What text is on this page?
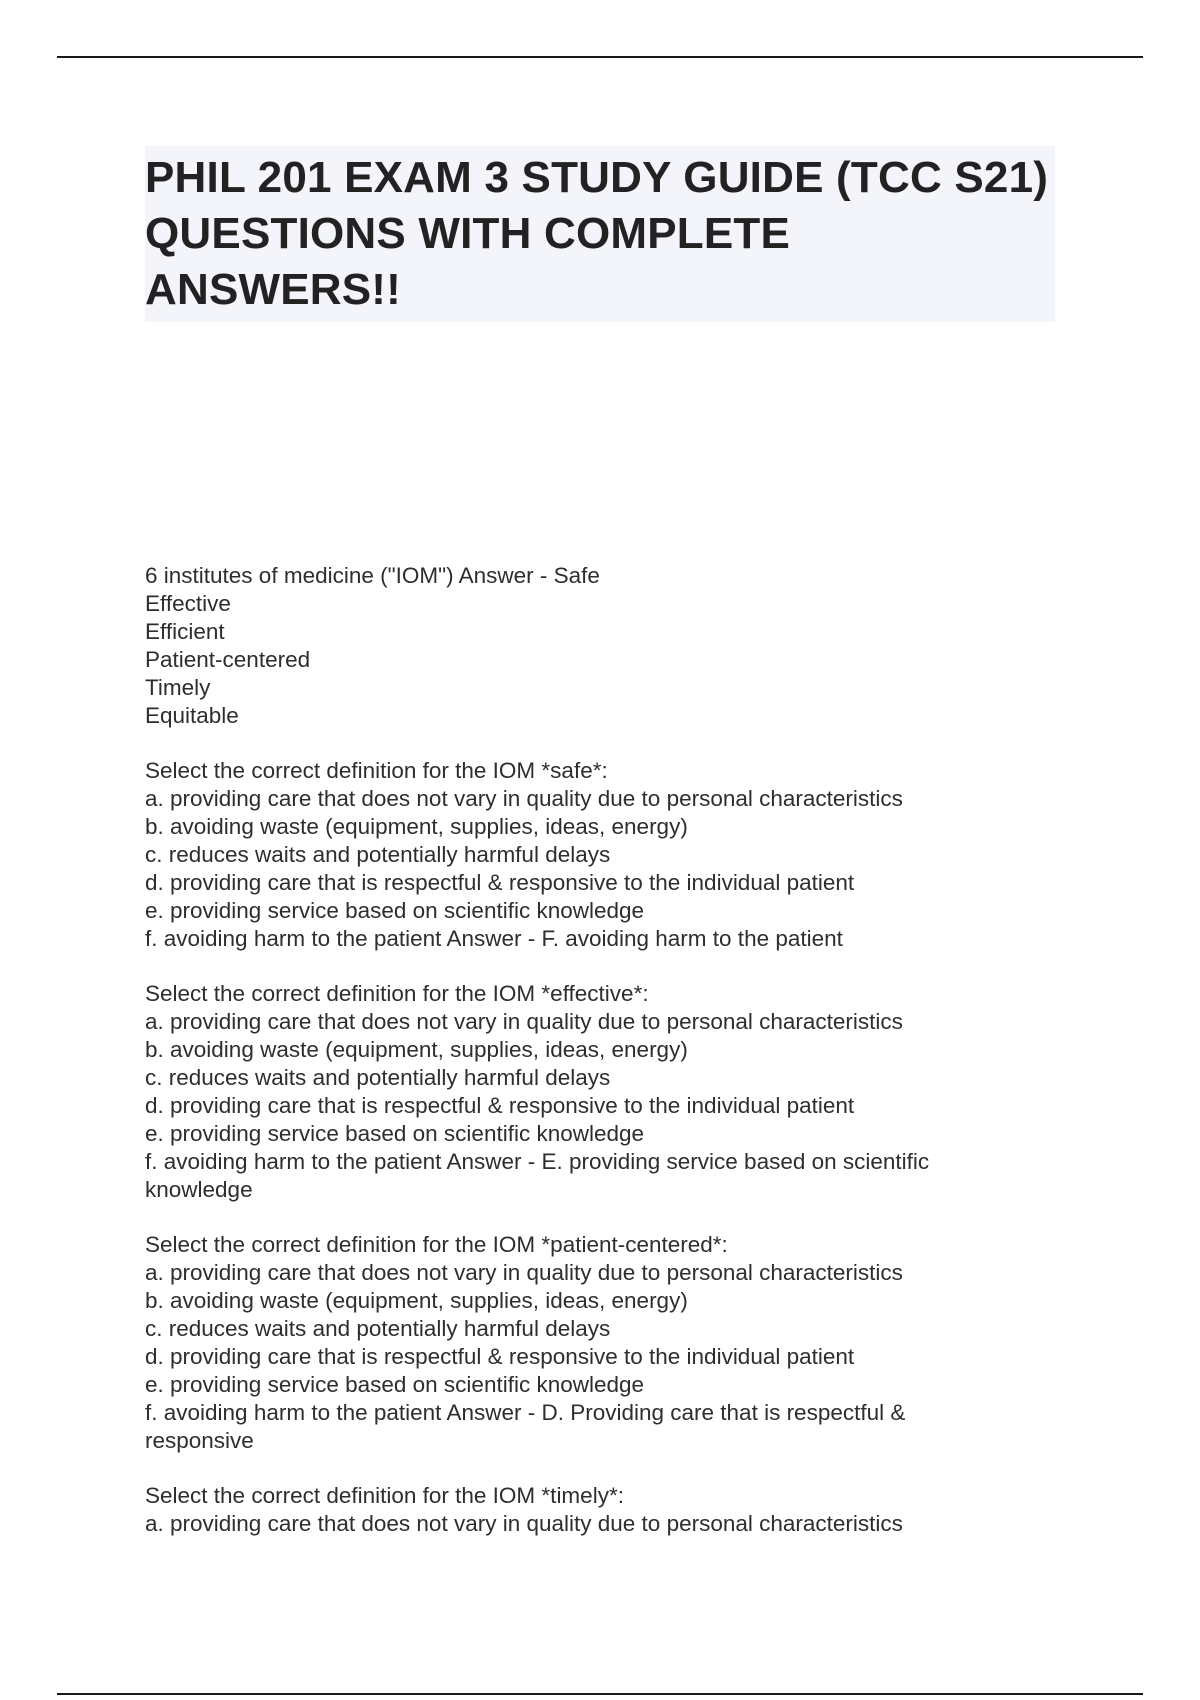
PHIL 201 EXAM 3 STUDY GUIDE (TCC S21) QUESTIONS WITH COMPLETE ANSWERS!!
6 institutes of medicine ("IOM") Answer - Safe
Effective
Efficient
Patient-centered
Timely
Equitable
Select the correct definition for the IOM *safe*:
a. providing care that does not vary in quality due to personal characteristics
b. avoiding waste (equipment, supplies, ideas, energy)
c. reduces waits and potentially harmful delays
d. providing care that is respectful & responsive to the individual patient
e. providing service based on scientific knowledge
f. avoiding harm to the patient Answer - F. avoiding harm to the patient
Select the correct definition for the IOM *effective*:
a. providing care that does not vary in quality due to personal characteristics
b. avoiding waste (equipment, supplies, ideas, energy)
c. reduces waits and potentially harmful delays
d. providing care that is respectful & responsive to the individual patient
e. providing service based on scientific knowledge
f. avoiding harm to the patient Answer - E. providing service based on scientific
knowledge
Select the correct definition for the IOM *patient-centered*:
a. providing care that does not vary in quality due to personal characteristics
b. avoiding waste (equipment, supplies, ideas, energy)
c. reduces waits and potentially harmful delays
d. providing care that is respectful & responsive to the individual patient
e. providing service based on scientific knowledge
f. avoiding harm to the patient Answer - D. Providing care that is respectful &
responsive
Select the correct definition for the IOM *timely*:
a. providing care that does not vary in quality due to personal characteristics
